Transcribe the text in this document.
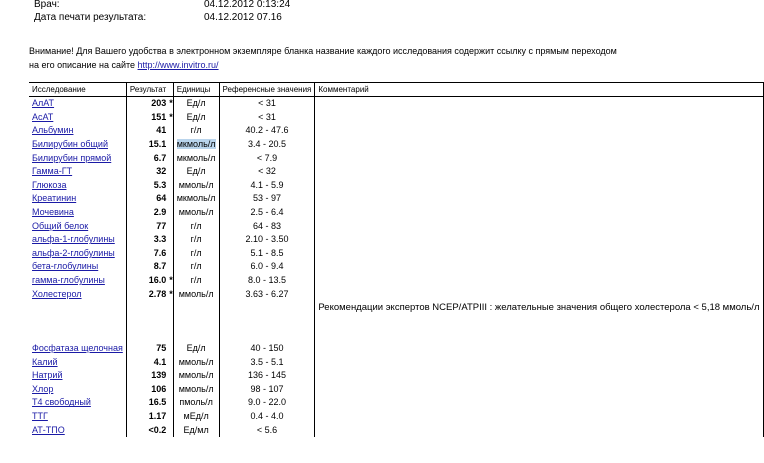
Врач:	04.12.2012 0:13:24
Дата печати результата:	04.12.2012 07.16
Внимание! Для Вашего удобства в электронном экземпляре бланка название каждого исследования содержит ссылку с прямым переходом на его описание на сайте http://www.invitro.ru/
Исследование	Результат		Единицы	Референсные значения	Комментарий
АлАТ	203	*	Ед/л	< 31	
АсАТ	151	*	Ед/л	< 31	
Альбумин	41		г/л	40.2 - 47.6	
Билирубин общий	15.1		мкмоль/л	3.4 - 20.5	
Билирубин прямой	6.7		мкмоль/л	< 7.9	
Гамма-ГТ	32		Ед/л	< 32	
Глюкоза	5.3		ммоль/л	4.1 - 5.9	
Креатинин	64		мкмоль/л	53 - 97	
Мочевина	2.9		ммоль/л	2.5 - 6.4	
Общий белок	77		г/л	64 - 83	
альфа-1-глобулины	3.3		г/л	2.10 - 3.50	
альфа-2-глобулины	7.6		г/л	5.1 - 8.5	
бета-глобулины	8.7		г/л	6.0 - 9.4	
гамма-глобулины	16.0	*	г/л	8.0 - 13.5	
Холестерол	2.78	*	ммоль/л	3.63 - 6.27	
					Рекомендации экспертов NCEP/ATPIII : желательные значения общего холестерола < 5,18 ммоль/л

Фосфатаза щелочная	75		Ед/л	40 - 150	
Калий	4.1		ммоль/л	3.5 - 5.1	
Натрий	139		ммоль/л	136 - 145	
Хлор	106		ммоль/л	98 - 107	
Т4 свободный	16.5		пмоль/л	9.0 - 22.0	
ТТГ	1.17		мЕд/л	0.4 - 4.0	
АТ-ТПО	<0.2		Ед/мл	< 5.6	
